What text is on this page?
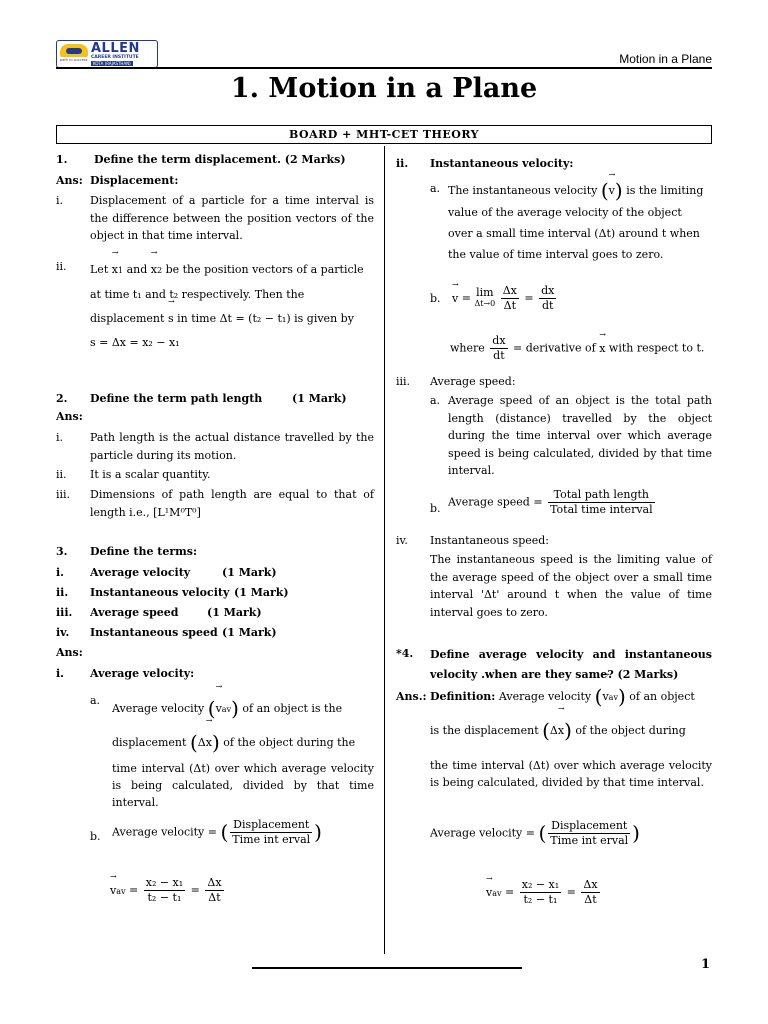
path to success
ALLEN
CAREER INSTITUTE
KOTA (RAJASTHAN)	Motion in a Plane
1. Motion in a Plane
BOARD + MHT-CET THEORY
1. Define the term displacement. (2 Marks)
Ans: Displacement:
i. Displacement of a particle for a time interval is the difference between the position vectors of the object in that time interval.
ii. Let → x1 and → x2 be the position vectors of a particle
at time t₁ and t₂ respectively. Then the
displacement → s in time Δt = (t₂ − t₁) is given by
s = Δx = x₂ − x₁
2. Define the term path length	(1 Mark)
Ans:
i. Path length is the actual distance travelled by the particle during its motion.
ii. It is a scalar quantity.
iii. Dimensions of path length are equal to that of length i.e., [L¹M⁰T⁰]
3. Define the terms:
i. Average velocity	(1 Mark)
ii. Instantaneous velocity (1 Mark)
iii. Average speed	(1 Mark)
iv. Instantaneous speed (1 Mark)
Ans:
i. Average velocity:
a.
Average velocity (→ vav) of an object is the
displacement (Δ→ x) of the object during the
time interval (Δt) over which average velocity is being calculated, divided by that time interval.
b. Average velocity = ( $\frac{\text{Displacement}}{\text{Time int erval}}$ )
→ vav = $\frac{\text{x₂ − x₁}}{\text{t₂ − t₁}} = \frac{\Delta x}{\Delta t}$
ii. Instantaneous velocity:
a. The instantaneous velocity (→ v) is the limiting
value of the average velocity of the object
over a small time interval (Δt) around t when
the value of time interval goes to zero.
b. → v = lim
$\Delta t\to 0 \frac{\Delta x}{\Delta t} = \frac{dx}{dt}$
where $\frac{dx}{dt}$ = derivative of → x with respect to t.
iii. Average speed:
a. Average speed of an object is the total path length (distance) travelled by the object during the time interval over which average speed is being calculated, divided by that time interval.
b. Average speed = $\frac{\text{Total path length}}{\text{Total time interval}}$
iv. Instantaneous speed:
The instantaneous speed is the limiting value of the average speed of the object over a small time interval 'Δt' around t when the value of time interval goes to zero.
*4. Define average velocity and instantaneous velocity .when are they same? (2 Marks)
Ans.: Definition: Average velocity (→ vav) of an object
is the displacement (Δ→ x) of the object during
the time interval (Δt) over which average velocity is being calculated, divided by that time interval.
Average velocity = ( $\frac{\text{Displacement}}{\text{Time int erval}}$ )
→ vav = $\frac{\text{x₂ − x₁}}{\text{t₂ − t₁}} = \frac{\Delta x}{\Delta t}$
1
